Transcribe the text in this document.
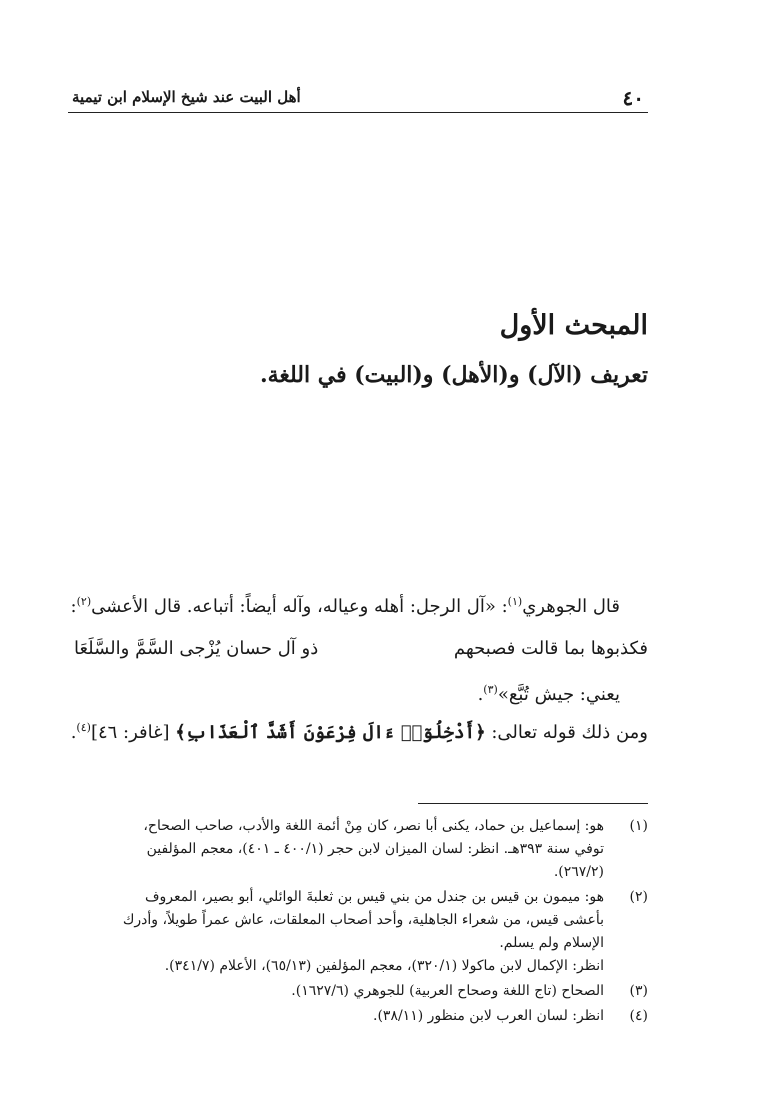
٤٠
أهل البيت عند شيخ الإسلام ابن تيمية
المبحث الأول
تعريف (الآل) و(الأهل) و(البيت) في اللغة.

قال الجوهري$^{(١)}$: «آل الرجل: أهله وعياله، وآله أيضاً: أتباعه. قال الأعشى$^{(٢)}$:

فكذبوها بما قالت فصبحهم
ذو آل حسان يُزْجى السَّمَّ والسَّلَعَا

يعني: جيش تُبَّع»$^{(٣)}$.

ومن ذلك قوله تعالى: ﴿أَدْخِلُوٓا۟ ءَالَ فِرْعَوْنَ أَشَدَّ ٱلْعَذَابِ﴾ [غافر: ٤٦]$^{(٤)}$.

(١)
هو: إسماعيل بن حماد، يكنى أبا نصر، كان مِنْ أئمة اللغة والأدب، صاحب الصحاح،
توفي سنة ٣٩٣هـ. انظر: لسان الميزان لابن حجر (٤٠٠/١ ـ ٤٠١)، معجم المؤلفين
(٢٦٧/٢).
(٢)
هو: ميمون بن قيس بن جندل من بني قيس بن ثعلبةَ الوائلي، أبو بصير، المعروف
بأعشى قيس، من شعراء الجاهلية، وأحد أصحاب المعلقات، عاش عمراً طويلاً، وأدرك
الإسلام ولم يسلم.
انظر: الإكمال لابن ماكولا (٣٢٠/١)، معجم المؤلفين (٦٥/١٣)، الأعلام (٣٤١/٧).
(٣)
الصحاح (تاج اللغة وصحاح العربية) للجوهري (١٦٢٧/٦).
(٤)
انظر: لسان العرب لابن منظور (٣٨/١١).
